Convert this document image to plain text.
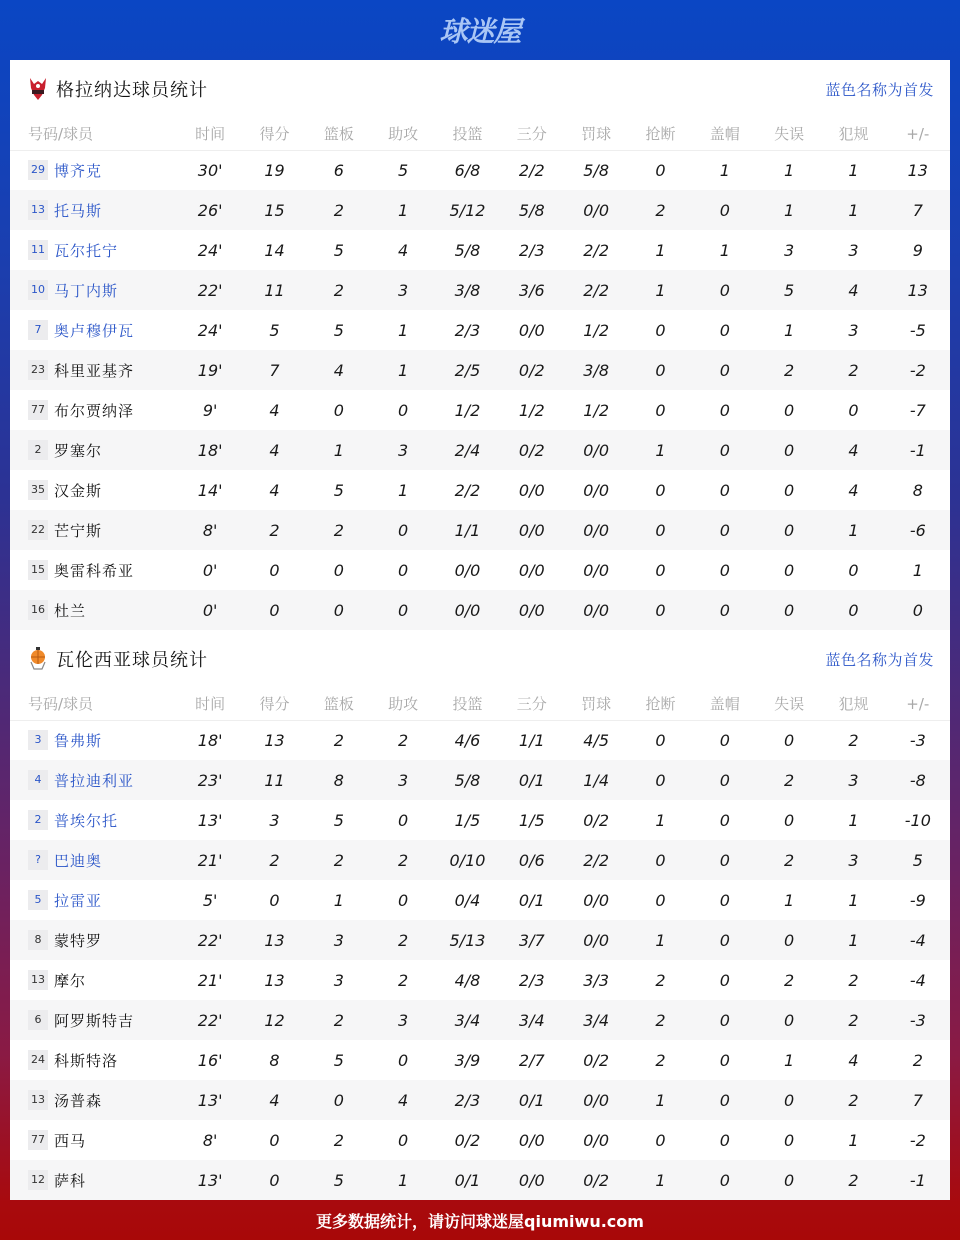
球迷屋
格拉纳达球员统计	蓝色名称为首发
号码/球员	时间	得分	篮板	助攻	投篮	三分	罚球	抢断	盖帽	失误	犯规	+/-
29 博齐克	30'	19	6	5	6/8	2/2	5/8	0	1	1	1	13
13 托马斯	26'	15	2	1	5/12	5/8	0/0	2	0	1	1	7
11 瓦尔托宁	24'	14	5	4	5/8	2/3	2/2	1	1	3	3	9
10 马丁内斯	22'	11	2	3	3/8	3/6	2/2	1	0	5	4	13
7 奥卢穆伊瓦	24'	5	5	1	2/3	0/0	1/2	0	0	1	3	-5
23 科里亚基齐	19'	7	4	1	2/5	0/2	3/8	0	0	2	2	-2
77 布尔贾纳泽	9'	4	0	0	1/2	1/2	1/2	0	0	0	0	-7
2 罗塞尔	18'	4	1	3	2/4	0/2	0/0	1	0	0	4	-1
35 汉金斯	14'	4	5	1	2/2	0/0	0/0	0	0	0	4	8
22 芒宁斯	8'	2	2	0	1/1	0/0	0/0	0	0	0	1	-6
15 奥雷科希亚	0'	0	0	0	0/0	0/0	0/0	0	0	0	0	1
16 杜兰	0'	0	0	0	0/0	0/0	0/0	0	0	0	0	0
瓦伦西亚球员统计	蓝色名称为首发
号码/球员	时间	得分	篮板	助攻	投篮	三分	罚球	抢断	盖帽	失误	犯规	+/-
3 鲁弗斯	18'	13	2	2	4/6	1/1	4/5	0	0	0	2	-3
4 普拉迪利亚	23'	11	8	3	5/8	0/1	1/4	0	0	2	3	-8
2 普埃尔托	13'	3	5	0	1/5	1/5	0/2	1	0	0	1	-10
? 巴迪奥	21'	2	2	2	0/10	0/6	2/2	0	0	2	3	5
5 拉雷亚	5'	0	1	0	0/4	0/1	0/0	0	0	1	1	-9
8 蒙特罗	22'	13	3	2	5/13	3/7	0/0	1	0	0	1	-4
13 摩尔	21'	13	3	2	4/8	2/3	3/3	2	0	2	2	-4
6 阿罗斯特吉	22'	12	2	3	3/4	3/4	3/4	2	0	0	2	-3
24 科斯特洛	16'	8	5	0	3/9	2/7	0/2	2	0	1	4	2
13 汤普森	13'	4	0	4	2/3	0/1	0/0	1	0	0	2	7
77 西马	8'	0	2	0	0/2	0/0	0/0	0	0	0	1	-2
12 萨科	13'	0	5	1	0/1	0/0	0/2	1	0	0	2	-1
更多数据统计，请访问球迷屋qiumiwu.com
